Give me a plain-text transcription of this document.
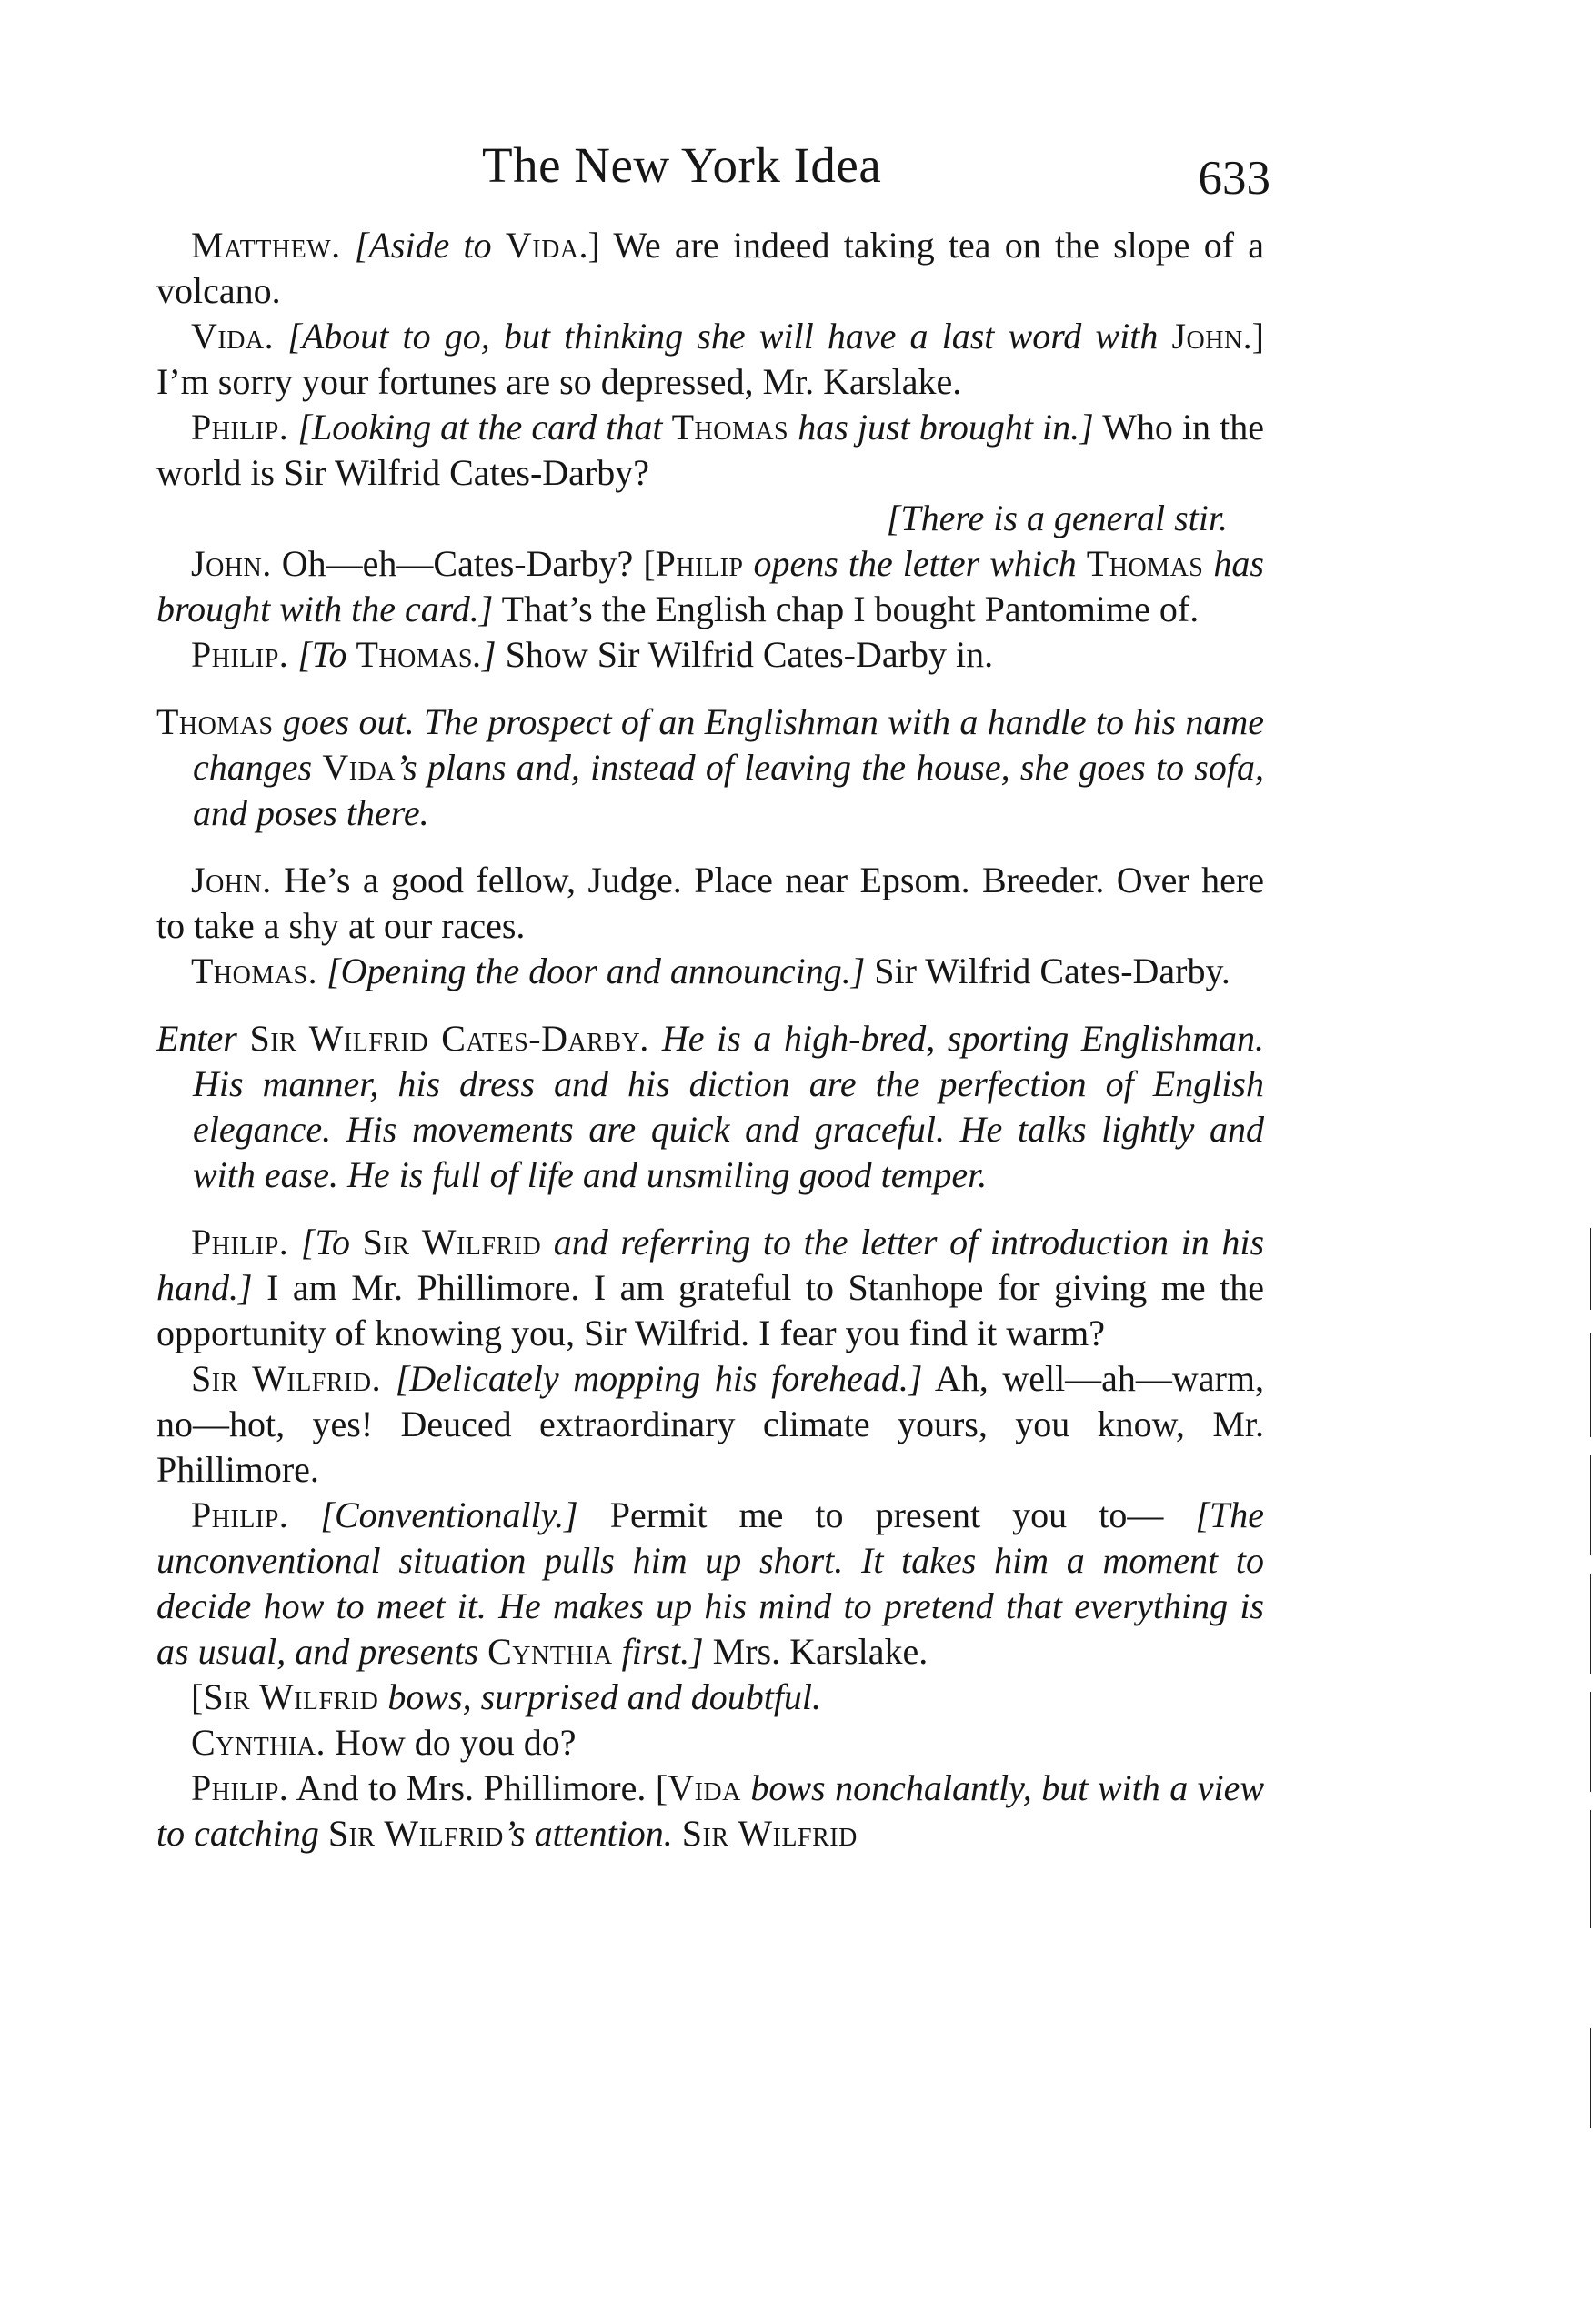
The New York Idea	633

Matthew. [Aside to Vida.] We are indeed taking tea on the slope of a volcano.

Vida. [About to go, but thinking she will have a last word with John.] I’m sorry your fortunes are so depressed, Mr. Karslake.

Philip. [Looking at the card that Thomas has just brought in.] Who in the world is Sir Wilfrid Cates-Darby?

[There is a general stir.

John. Oh—eh—Cates-Darby? [Philip opens the letter which Thomas has brought with the card.] That’s the English chap I bought Pantomime of.

Philip. [To Thomas.] Show Sir Wilfrid Cates-Darby in.

Thomas goes out. The prospect of an Englishman with a handle to his name changes Vida’s plans and, instead of leaving the house, she goes to sofa, and poses there.

John. He’s a good fellow, Judge. Place near Epsom. Breeder. Over here to take a shy at our races.

Thomas. [Opening the door and announcing.] Sir Wilfrid Cates-Darby.

Enter Sir Wilfrid Cates-Darby. He is a high-bred, sporting Englishman. His manner, his dress and his diction are the perfection of English elegance. His movements are quick and graceful. He talks lightly and with ease. He is full of life and unsmiling good temper.

Philip. [To Sir Wilfrid and referring to the letter of introduction in his hand.] I am Mr. Phillimore. I am grateful to Stanhope for giving me the opportunity of knowing you, Sir Wilfrid. I fear you find it warm?

Sir Wilfrid. [Delicately mopping his forehead.] Ah, well—ah—warm, no—hot, yes! Deuced extraordinary climate yours, you know, Mr. Phillimore.

Philip. [Conventionally.] Permit me to present you to— [The unconventional situation pulls him up short. It takes him a moment to decide how to meet it. He makes up his mind to pretend that everything is as usual, and presents Cynthia first.] Mrs. Karslake.

[Sir Wilfrid bows, surprised and doubtful.

Cynthia. How do you do?

Philip. And to Mrs. Phillimore. [Vida bows nonchalantly, but with a view to catching Sir Wilfrid’s attention. Sir Wilfrid
